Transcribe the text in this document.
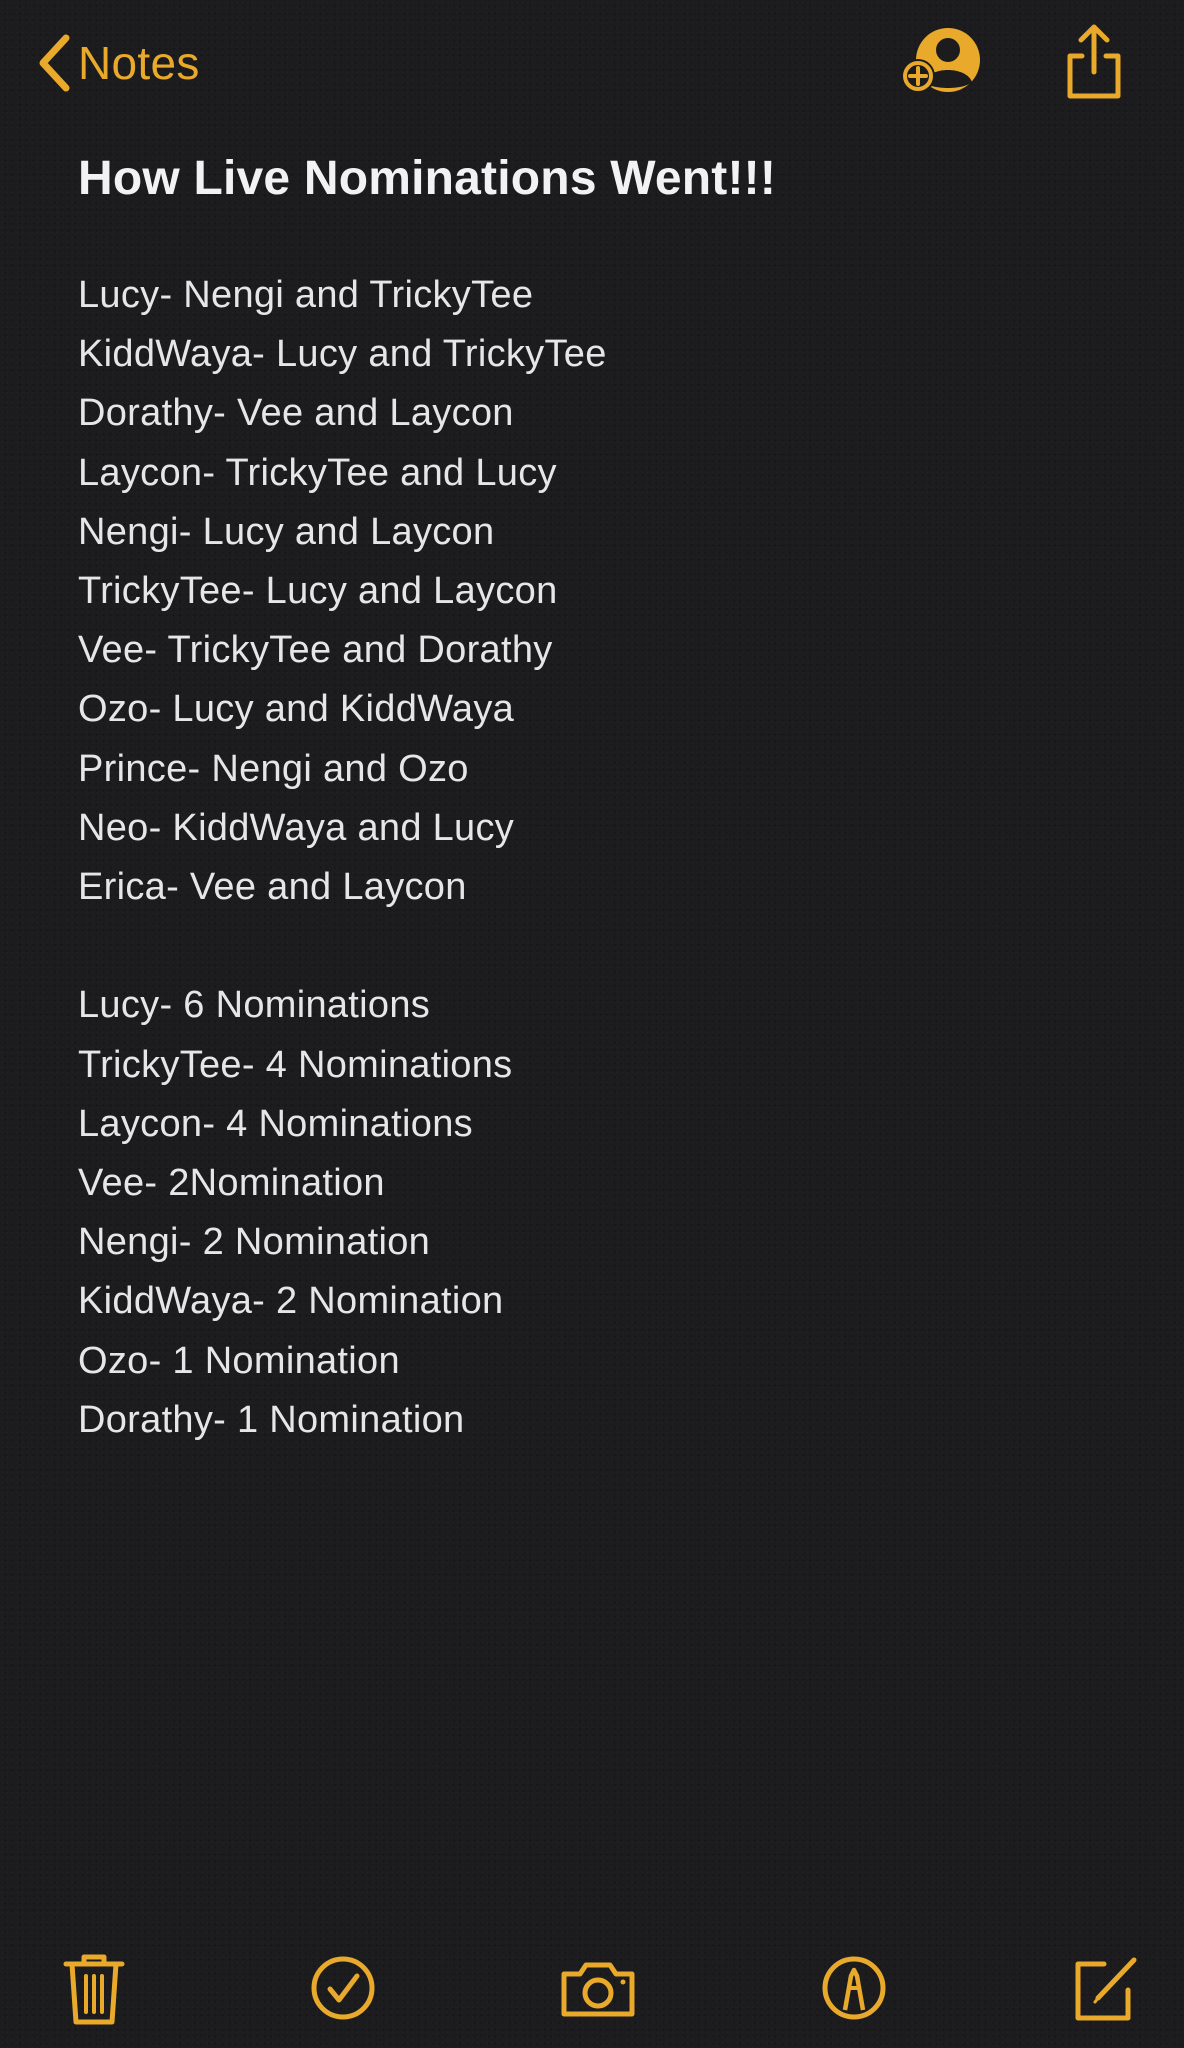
Notes
How Live Nominations Went!!!
Lucy- Nengi and TrickyTee
KiddWaya- Lucy and TrickyTee
Dorathy- Vee and Laycon
Laycon- TrickyTee and Lucy
Nengi- Lucy and Laycon
TrickyTee- Lucy and Laycon
Vee- TrickyTee and Dorathy
Ozo- Lucy and KiddWaya
Prince- Nengi and Ozo
Neo- KiddWaya and Lucy
Erica- Vee and Laycon
Lucy- 6 Nominations
TrickyTee- 4 Nominations
Laycon- 4 Nominations
Vee- 2Nomination
Nengi- 2 Nomination
KiddWaya- 2 Nomination
Ozo- 1 Nomination
Dorathy- 1 Nomination
